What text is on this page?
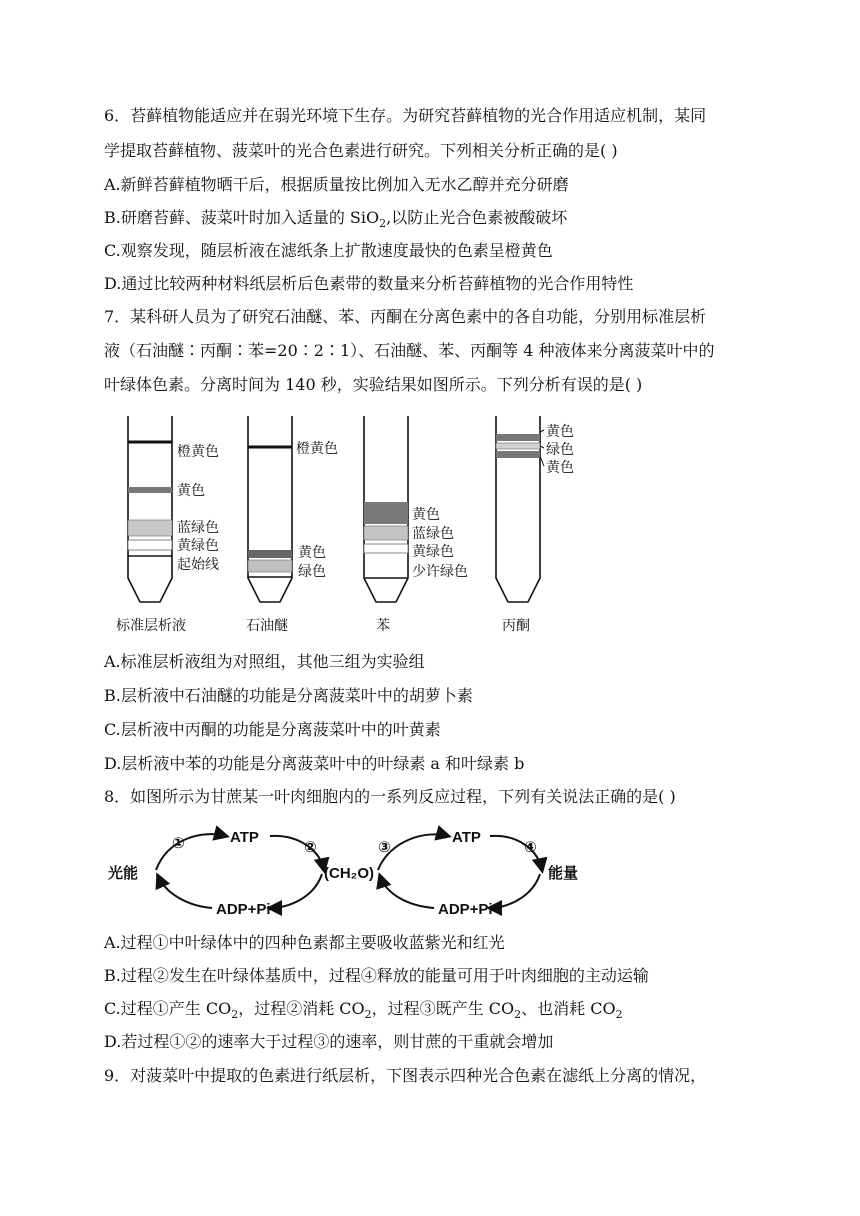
6．苔藓植物能适应并在弱光环境下生存。为研究苔藓植物的光合作用适应机制，某同
学提取苔藓植物、菠菜叶的光合色素进行研究。下列相关分析正确的是( )
A.新鲜苔藓植物晒干后，根据质量按比例加入无水乙醇并充分研磨
B.研磨苔藓、菠菜叶时加入适量的 SiO$_2$,以防止光合色素被酸破坏
C.观察发现，随层析液在滤纸条上扩散速度最快的色素呈橙黄色
D.通过比较两种材料纸层析后色素带的数量来分析苔藓植物的光合作用特性
7．某科研人员为了研究石油醚、苯、丙酮在分离色素中的各自功能，分别用标准层析
液（石油醚∶丙酮∶苯=20∶2∶1）、石油醚、苯、丙酮等 4 种液体来分离菠菜叶中的
叶绿体色素。分离时间为 140 秒，实验结果如图所示。下列分析有误的是( )
橙黄色
黄色
蓝绿色
黄绿色
起始线
标准层析液
橙黄色
黄色
绿色
石油醚
黄色
蓝绿色
黄绿色
少许绿色
苯
黄色
绿色
黄色
丙酮
A.标准层析液组为对照组，其他三组为实验组
B.层析液中石油醚的功能是分离菠菜叶中的胡萝卜素
C.层析液中丙酮的功能是分离菠菜叶中的叶黄素
D.层析液中苯的功能是分离菠菜叶中的叶绿素 a 和叶绿素 b
8．如图所示为甘蔗某一叶肉细胞内的一系列反应过程，下列有关说法正确的是( )
①	ATP
②	③
ATP
④
光能	(CH₂O)	能量
ADP+Pi	ADP+Pi
A.过程①中叶绿体中的四种色素都主要吸收蓝紫光和红光
B.过程②发生在叶绿体基质中，过程④释放的能量可用于叶肉细胞的主动运输
C.过程①产生 $CO_2$，过程②消耗 $CO_2$，过程③既产生 $CO_2$、也消耗 $CO_2$
D.若过程①②的速率大于过程③的速率，则甘蔗的干重就会增加
9．对菠菜叶中提取的色素进行纸层析，下图表示四种光合色素在滤纸上分离的情况，
